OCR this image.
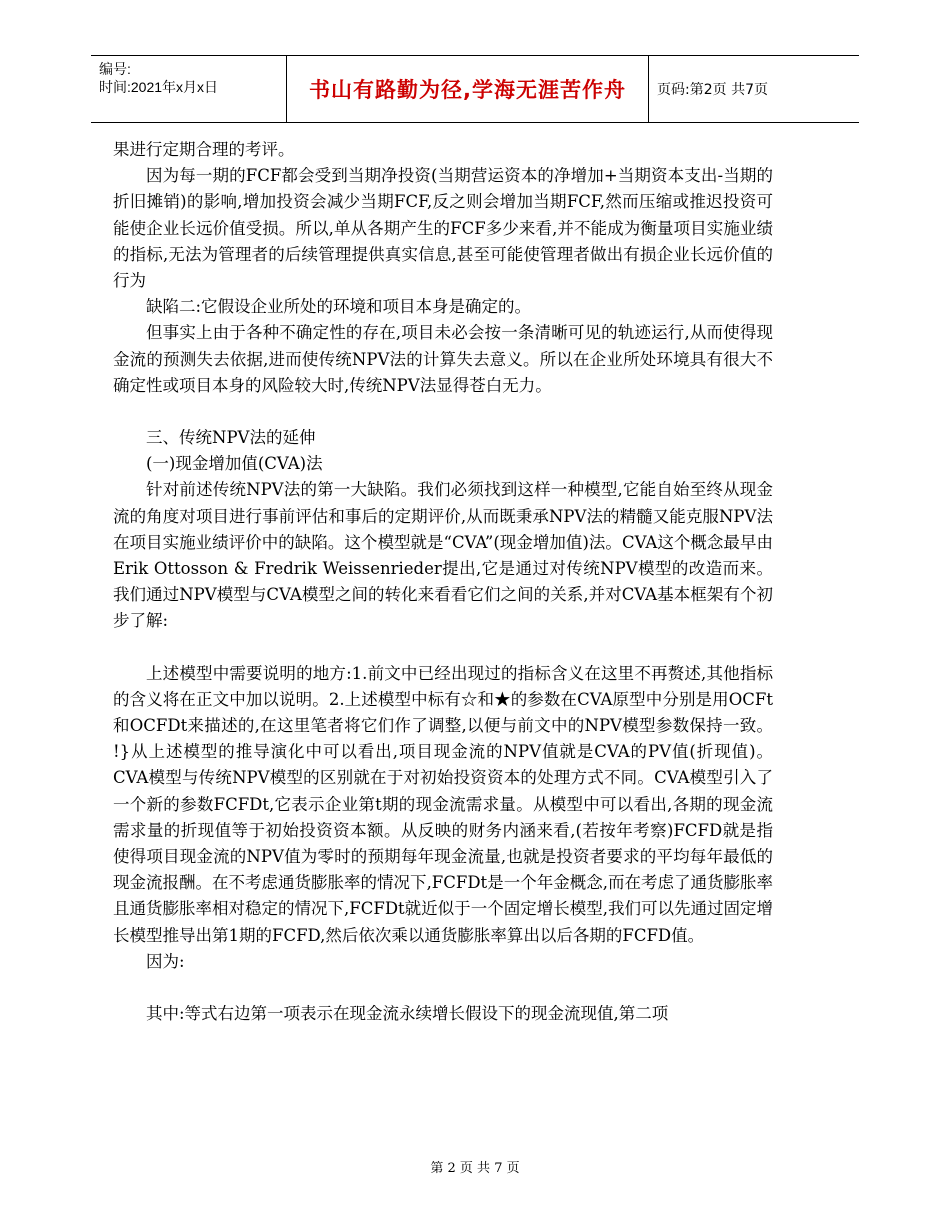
编号:
时间:2021年x月x日	书山有路勤为径,学海无涯苦作舟	页码:第2页 共7页

果进行定期合理的考评。

因为每一期的FCF都会受到当期净投资(当期营运资本的净增加+当期资本支出-当期的折旧摊销)的影响,增加投资会减少当期FCF,反之则会增加当期FCF,然而压缩或推迟投资可能使企业长远价值受损。所以,单从各期产生的FCF多少来看,并不能成为衡量项目实施业绩的指标,无法为管理者的后续管理提供真实信息,甚至可能使管理者做出有损企业长远价值的行为

缺陷二:它假设企业所处的环境和项目本身是确定的。

但事实上由于各种不确定性的存在,项目未必会按一条清晰可见的轨迹运行,从而使得现金流的预测失去依据,进而使传统NPV法的计算失去意义。所以在企业所处环境具有很大不确定性或项目本身的风险较大时,传统NPV法显得苍白无力。

三、传统NPV法的延伸

(一)现金增加值(CVA)法

针对前述传统NPV法的第一大缺陷。我们必须找到这样一种模型,它能自始至终从现金流的角度对项目进行事前评估和事后的定期评价,从而既秉承NPV法的精髓又能克服NPV法在项目实施业绩评价中的缺陷。这个模型就是“CVA”(现金增加值)法。CVA这个概念最早由Erik Ottosson & Fredrik Weissenrieder提出,它是通过对传统NPV模型的改造而来。我们通过NPV模型与CVA模型之间的转化来看看它们之间的关系,并对CVA基本框架有个初步了解:

上述模型中需要说明的地方:1.前文中已经出现过的指标含义在这里不再赘述,其他指标的含义将在正文中加以说明。2.上述模型中标有☆和★的参数在CVA原型中分别是用OCFt和OCFDt来描述的,在这里笔者将它们作了调整,以便与前文中的NPV模型参数保持一致。 !}从上述模型的推导演化中可以看出,项目现金流的NPV值就是CVA的PV值(折现值)。CVA模型与传统NPV模型的区别就在于对初始投资资本的处理方式不同。CVA模型引入了一个新的参数FCFDt,它表示企业第t期的现金流需求量。从模型中可以看出,各期的现金流需求量的折现值等于初始投资资本额。从反映的财务内涵来看,(若按年考察)FCFD就是指使得项目现金流的NPV值为零时的预期每年现金流量,也就是投资者要求的平均每年最低的现金流报酬。在不考虑通货膨胀率的情况下,FCFDt是一个年金概念,而在考虑了通货膨胀率且通货膨胀率相对稳定的情况下,FCFDt就近似于一个固定增长模型,我们可以先通过固定增长模型推导出第1期的FCFD,然后依次乘以通货膨胀率算出以后各期的FCFD值。

因为:

其中:等式右边第一项表示在现金流永续增长假设下的现金流现值,第二项

第 2 页 共 7 页
